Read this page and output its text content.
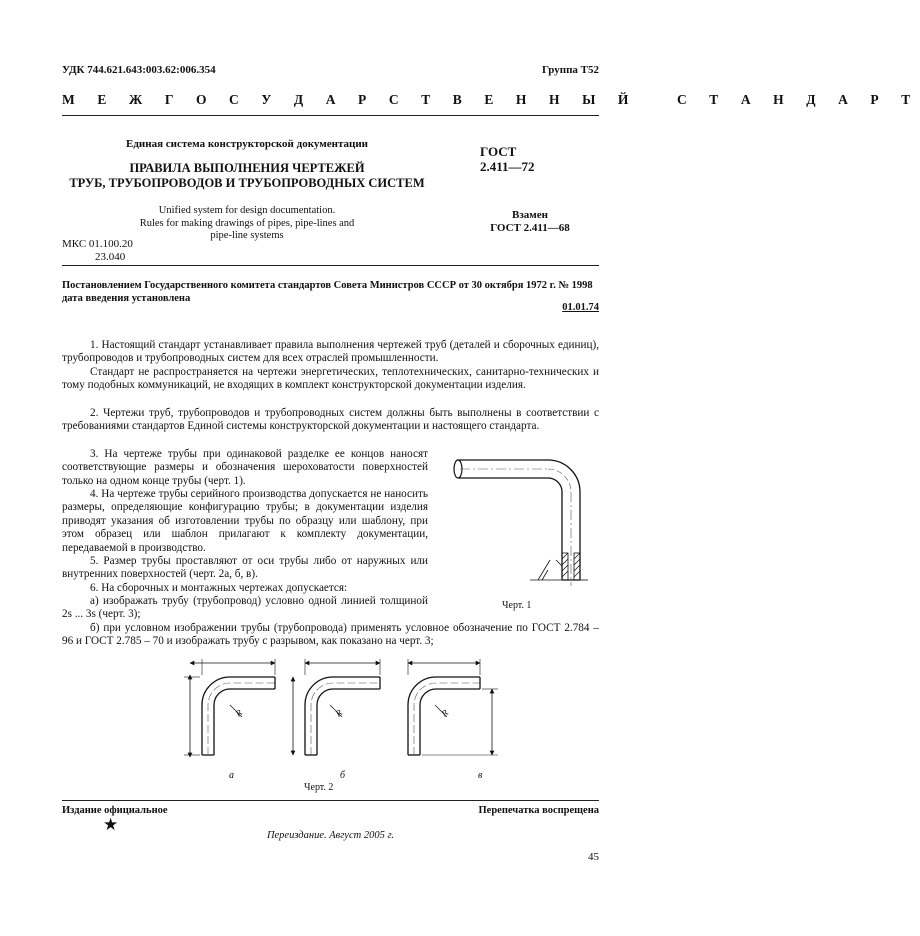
УДК 744.621.643:003.62:006.354	Группа Т52
М Е Ж Г О С У Д А Р С Т В Е Н Н Ы Й   С Т А Н Д А Р Т
Единая система конструкторской документации
ПРАВИЛА ВЫПОЛНЕНИЯ ЧЕРТЕЖЕЙ
ТРУБ, ТРУБОПРОВОДОВ И ТРУБОПРОВОДНЫХ СИСТЕМ
Unified system for design documentation.
Rules for making drawings of pipes, pipe-lines and
pipe-line systems
МКС 01.100.20
23.040
ГОСТ
2.411—72
Взамен
ГОСТ 2.411—68
Постановлением Государственного комитета стандартов Совета Министров СССР от 30 октября 1972 г. № 1998
дата введения установлена
01.01.74
1. Настоящий стандарт устанавливает правила выполнения чертежей труб (деталей и сборочных единиц), трубопроводов и трубопроводных систем для всех отраслей промышленности.
Стандарт не распространяется на чертежи энергетических, теплотехнических, санитарно-технических и тому подобных коммуникаций, не входящих в комплект конструкторской документации изделия.
2. Чертежи труб, трубопроводов и трубопроводных систем должны быть выполнены в соответствии с требованиями стандартов Единой системы конструкторской документации и настоящего стандарта.
3. На чертеже трубы при одинаковой разделке ее концов наносят соответствующие размеры и обозначения шероховатости поверхностей только на одном конце трубы (черт. 1).
4. На чертеже трубы серийного производства допускается не наносить размеры, определяющие конфигурацию трубы; в документации изделия приводят указания об изготовлении трубы по образцу или шаблону, при этом образец или шаблон прилагают к комплекту документации, передаваемой в производство.
5. Размер трубы проставляют от оси трубы либо от наружных или внутренних поверхностей (черт. 2а, б, в).
6. На сборочных и монтажных чертежах допускается:
а) изображать трубу (трубопровод) условно одной линией толщиной 2s ... 3s (черт. 3);
б) при условном изображении трубы (трубопровода) применять условное обозначение по ГОСТ 2.784 – 96 и ГОСТ 2.785 – 70 и изображать трубу с разрывом, как показано на черт. 3;
Черт. 1
R	R	R
а	б	в
Черт. 2
Издание официальное	Перепечатка воспрещена
★
Переиздание. Август 2005 г.
45
